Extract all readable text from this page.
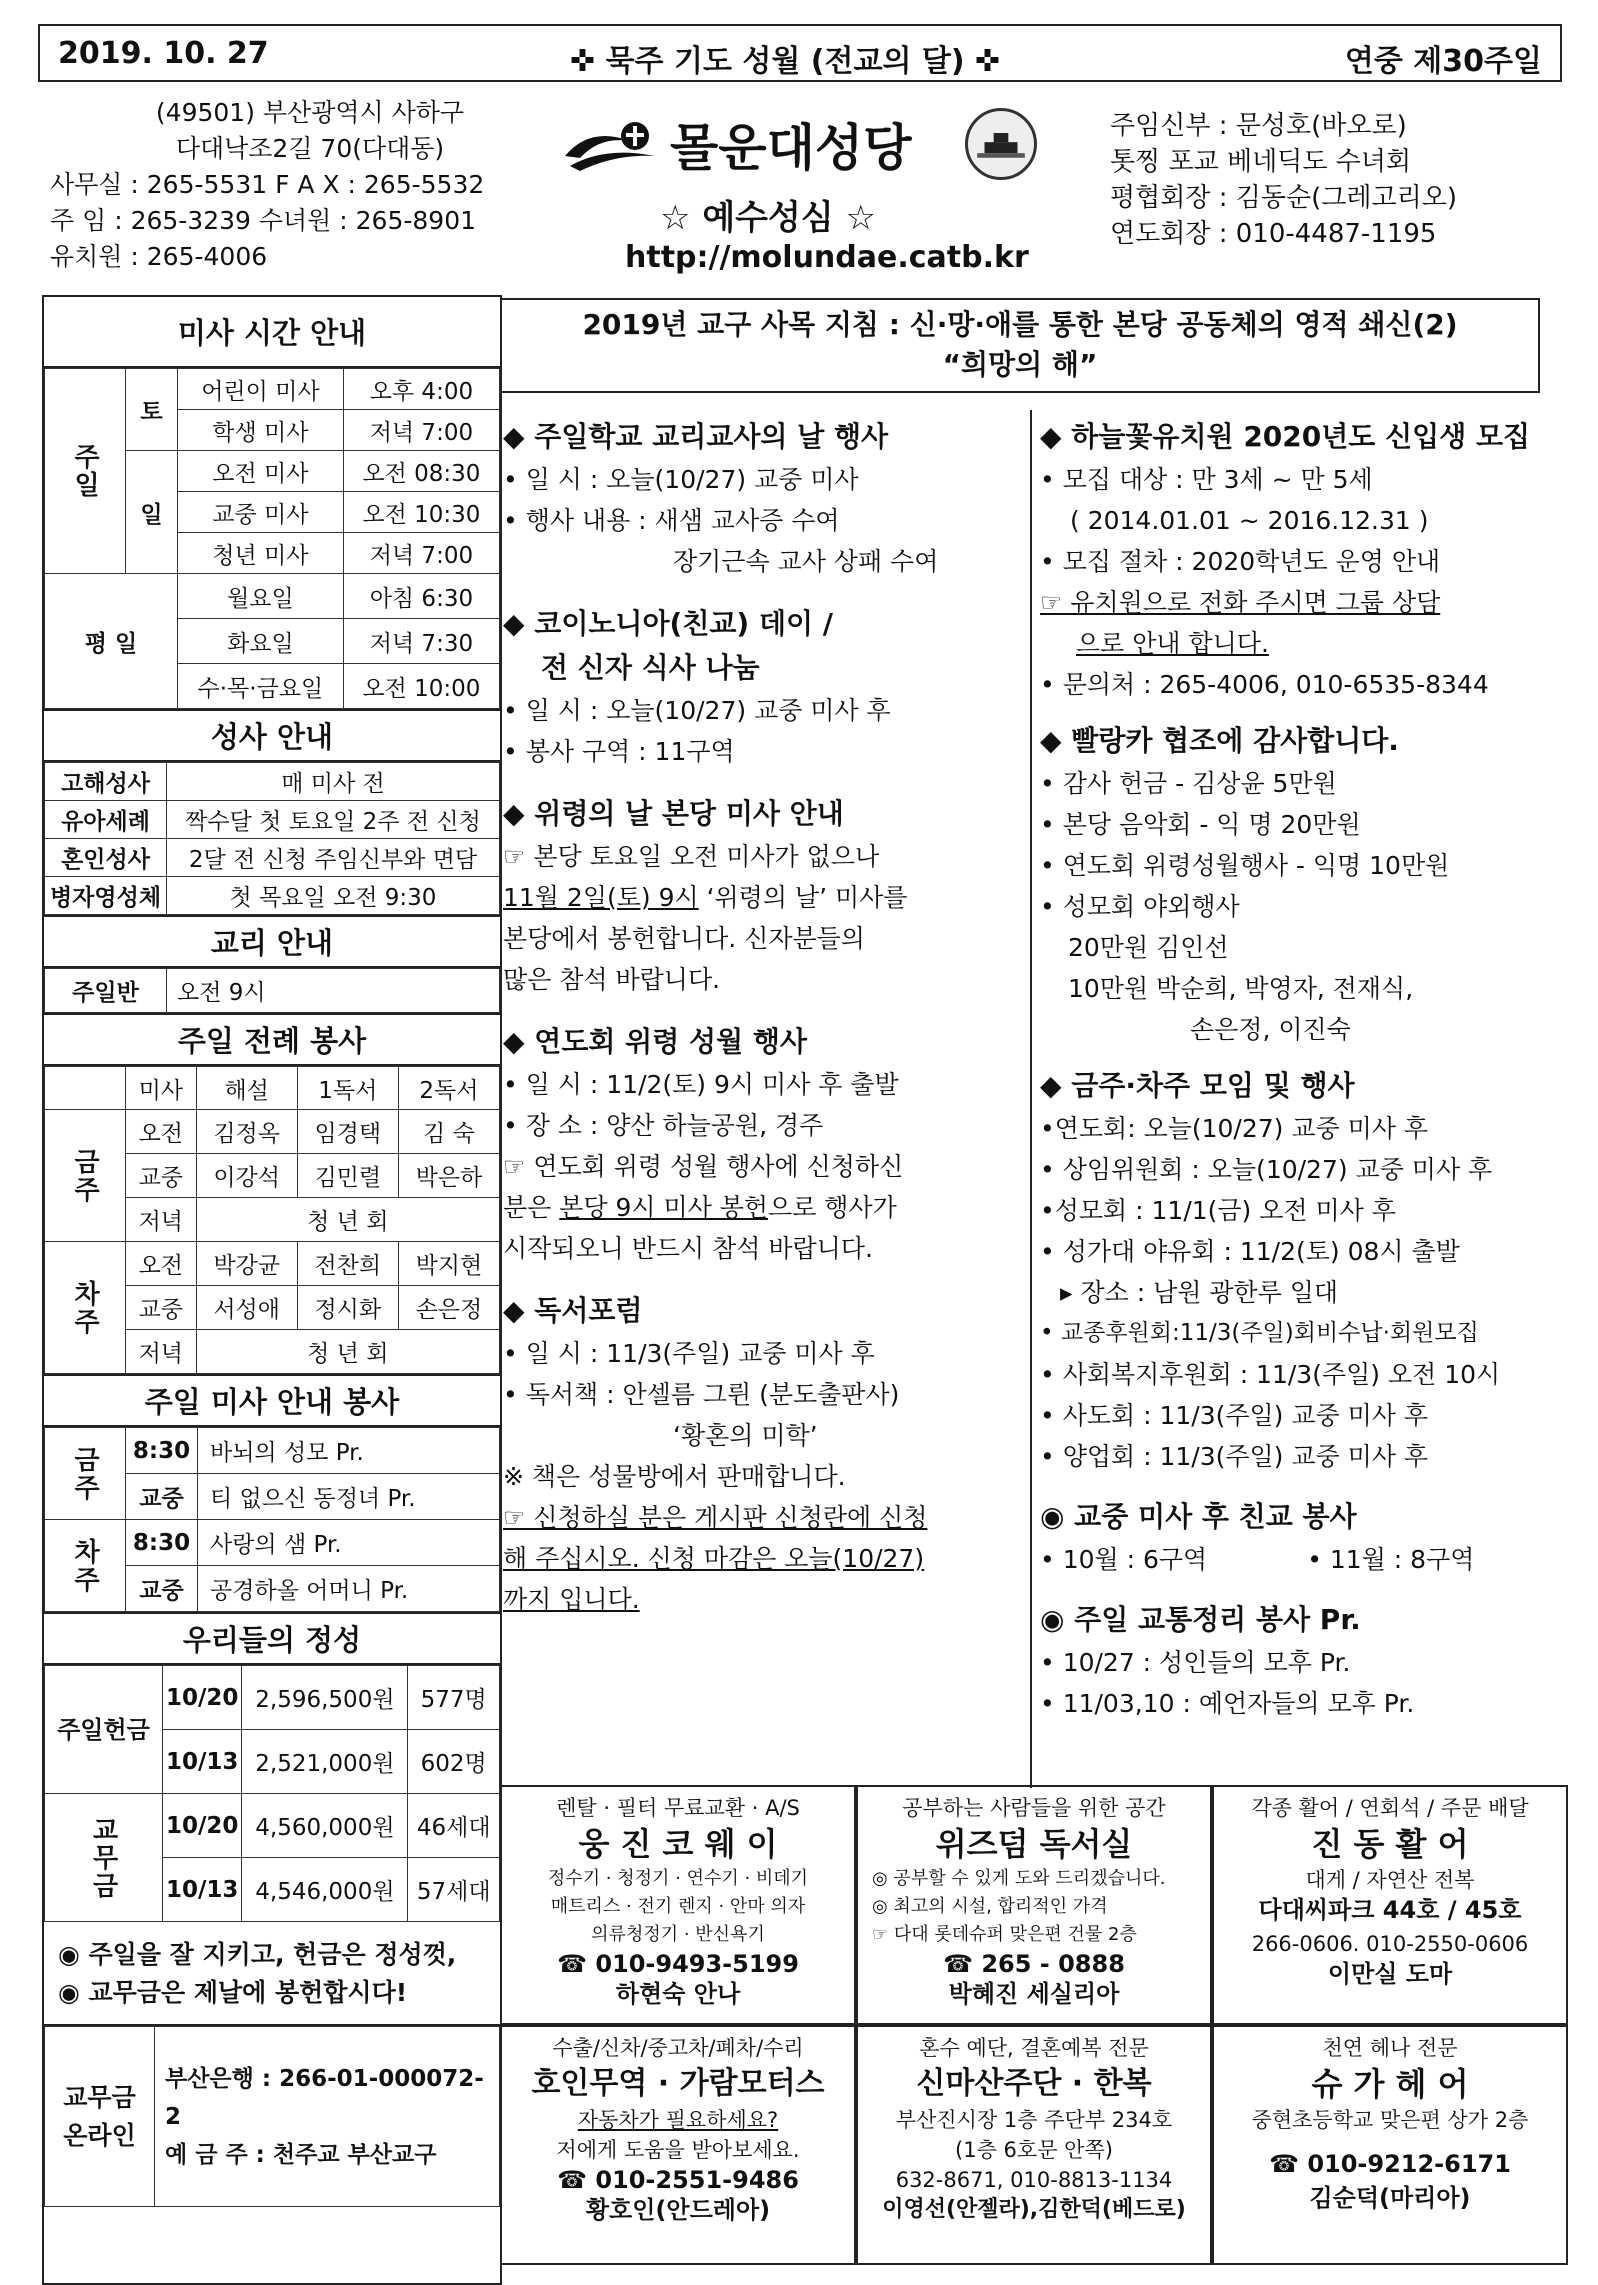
2019. 10. 27	✜ 묵주 기도 성월 (전교의 달) ✜	연중 제30주일
(49501) 부산광역시 사하구
다대낙조2길 70(다대동)
사무실 : 265-5531 F A X : 265-5532
주 임 : 265-3239 수녀원 : 265-8901
유치원 : 265-4006
몰운대성당
☆ 예수성심 ☆
http://molundae.catb.kr
주임신부 : 문성호(바오로)
톳찡 포교 베네딕도 수녀회
평협회장 : 김동순(그레고리오)
연도회장 : 010-4487-1195
2019년 교구 사목 지침 : 신·망·애를 통한 본당 공동체의 영적 쇄신(2)
“희망의 해”
미사 시간 안내
주일	토	어린이 미사	오후 4:00
		학생 미사	저녁 7:00
	일	오전 미사	오전 08:30
		교중 미사	오전 10:30
		청년 미사	저녁 7:00
평 일		월요일	아침 6:30
		화요일	저녁 7:30
		수·목·금요일	오전 10:00
성사 안내
고해성사	매 미사 전
유아세례	짝수달 첫 토요일 2주 전 신청
혼인성사	2달 전 신청 주임신부와 면담
병자영성체	첫 목요일 오전 9:30
교리 안내
주일반	오전 9시
주일 전례 봉사
	미사	해설	1독서	2독서
금주	오전	김정옥	임경택	김 숙
	교중	이강석	김민렬	박은하
	저녁	청 년 회		
차주	오전	박강균	전찬희	박지현
	교중	서성애	정시화	손은정
	저녁	청 년 회		
주일 미사 안내 봉사
금주	8:30	바뇌의 성모 Pr.
	교중	티 없으신 동정녀 Pr.
차주	8:30	사랑의 샘 Pr.
	교중	공경하올 어머니 Pr.
우리들의 정성
주일헌금	10/20	2,596,500원	577명
	10/13	2,521,000원	602명
교무금	10/20	4,560,000원	46세대
	10/13	4,546,000원	57세대
◉ 주일을 잘 지키고, 헌금은 정성껏,
◉ 교무금은 제날에 봉헌합시다!
교무금 온라인	
부산은행 : 266-01-000072-2
예 금 주 : 천주교 부산교구
◆ 주일학교 교리교사의 날 행사
• 일 시 : 오늘(10/27) 교중 미사
• 행사 내용 : 새샘 교사증 수여
장기근속 교사 상패 수여
◆ 코이노니아(친교) 데이 /
전 신자 식사 나눔
• 일 시 : 오늘(10/27) 교중 미사 후
• 봉사 구역 : 11구역
◆ 위령의 날 본당 미사 안내
☞ 본당 토요일 오전 미사가 없으나
11월 2일(토) 9시 ‘위령의 날’ 미사를
본당에서 봉헌합니다. 신자분들의
많은 참석 바랍니다.
◆ 연도회 위령 성월 행사
• 일 시 : 11/2(토) 9시 미사 후 출발
• 장 소 : 양산 하늘공원, 경주
☞ 연도회 위령 성월 행사에 신청하신
분은 본당 9시 미사 봉헌으로 행사가
시작되오니 반드시 참석 바랍니다.
◆ 독서포럼
• 일 시 : 11/3(주일) 교중 미사 후
• 독서책 : 안셀름 그륀 (분도출판사)
‘황혼의 미학’
※ 책은 성물방에서 판매합니다.
☞ 신청하실 분은 게시판 신청란에 신청
해 주십시오. 신청 마감은 오늘(10/27)
까지 입니다.
◆ 하늘꽃유치원 2020년도 신입생 모집
• 모집 대상 : 만 3세 ~ 만 5세
( 2014.01.01 ~ 2016.12.31 )
• 모집 절차 : 2020학년도 운영 안내
☞ 유치원으로 전화 주시면 그룹 상담
으로 안내 합니다.
• 문의처 : 265-4006, 010-6535-8344
◆ 빨랑카 협조에 감사합니다.
• 감사 헌금 - 김상윤 5만원
• 본당 음악회 - 익 명 20만원
• 연도회 위령성월행사 - 익명 10만원
• 성모회 야외행사
20만원 김인선
10만원 박순희, 박영자, 전재식,
손은정, 이진숙
◆ 금주·차주 모임 및 행사
•연도회: 오늘(10/27) 교중 미사 후
• 상임위원회 : 오늘(10/27) 교중 미사 후
•성모회 : 11/1(금) 오전 미사 후
• 성가대 야유회 : 11/2(토) 08시 출발
▸ 장소 : 남원 광한루 일대
• 교종후원회:11/3(주일)회비수납·회원모집
• 사회복지후원회 : 11/3(주일) 오전 10시
• 사도회 : 11/3(주일) 교중 미사 후
• 양업회 : 11/3(주일) 교중 미사 후
◉ 교중 미사 후 친교 봉사
• 10월 : 6구역	• 11월 : 8구역
◉ 주일 교통정리 봉사 Pr.
• 10/27 : 성인들의 모후 Pr.
• 11/03,10 : 예언자들의 모후 Pr.
렌탈 · 필터 무료교환 · A/S
웅 진 코 웨 이
정수기 · 청정기 · 연수기 · 비데기
매트리스 · 전기 렌지 · 안마 의자
의류청정기 · 반신욕기
☎ 010-9493-5199
하현숙 안나
공부하는 사람들을 위한 공간
위즈덤 독서실
◎ 공부할 수 있게 도와 드리겠습니다.
◎ 최고의 시설, 합리적인 가격
☞ 다대 롯데슈퍼 맞은편 건물 2층
☎ 265 - 0888
박혜진 세실리아
각종 활어 / 연회석 / 주문 배달
진 동 활 어
대게 / 자연산 전복
다대씨파크 44호 / 45호
266-0606. 010-2550-0606
이만실 도마
수출/신차/중고차/폐차/수리
호인무역 · 가람모터스
자동차가 필요하세요?
저에게 도움을 받아보세요.
☎ 010-2551-9486
황호인(안드레아)
혼수 예단, 결혼예복 전문
신마산주단 · 한복
부산진시장 1층 주단부 234호
(1층 6호문 안쪽)
632-8671, 010-8813-1134
이영선(안젤라),김한덕(베드로)
천연 헤나 전문
슈 가 헤 어
중현초등학교 맞은편 상가 2층
☎ 010-9212-6171
김순덕(마리아)
